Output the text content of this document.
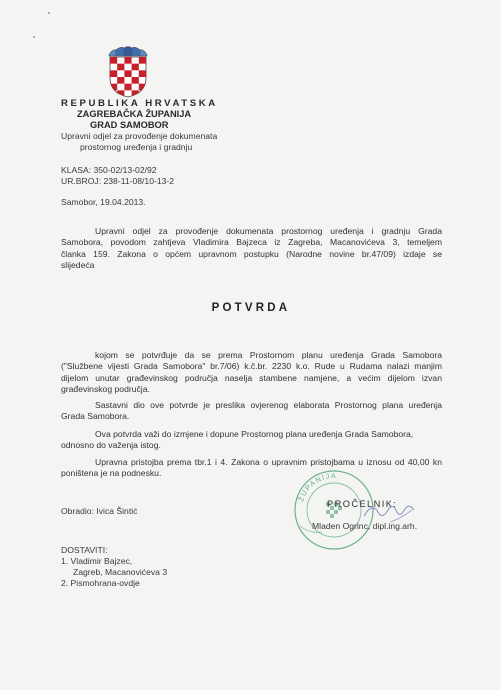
REPUBLIKA HRVATSKA
ZAGREBAČKA ŽUPANIJA
GRAD SAMOBOR
Upravni odjel za provođenje dokumenata
prostornog uređenja i gradnju
KLASA: 350-02/13-02/92
UR.BROJ: 238-11-08/10-13-2
Samobor, 19.04.2013.
Upravni odjel za provođenje dokumenata prostornog uređenja i gradnju Grada
Samobora, povodom zahtjeva Vladimira Bajzeca iz Zagreba, Macanovićeva 3, temeljem
članka 159. Zakona o općem upravnom postupku (Narodne novine br.47/09) izdaje se
slijedeća
POTVRDA
kojom se potvrđuje da se prema Prostornom planu uređenja Grada Samobora
("Službene vijesti Grada Samobora" br.7/06) k.č.br. 2230 k.o. Rude u Rudama nalazi manjim
dijelom unutar građevinskog područja naselja stambene namjene, a većim dijelom izvan
građevinskog područja.
Sastavni dio ove potvrde je preslika ovjerenog elaborata Prostornog plana uređenja
Grada Samobora.
Ova potvrda važi do izmjene i dopune Prostornog plana uređenja Grada Samobora,
odnosno do važenja istog.
Upravna pristojba prema tbr.1 i 4. Zakona o upravnim pristojbama u iznosu od 40,00 kn
poništena je na podnesku.
ŽUPANIJA
Obradio: Ivica Šintić
PROČELNIK:
Mladen Ogrinc, dipl.ing.arh.
DOSTAVITI:
1. Vladimir Bajzec,
Zagreb, Macanovićeva 3
2. Pismohrana-ovdje
